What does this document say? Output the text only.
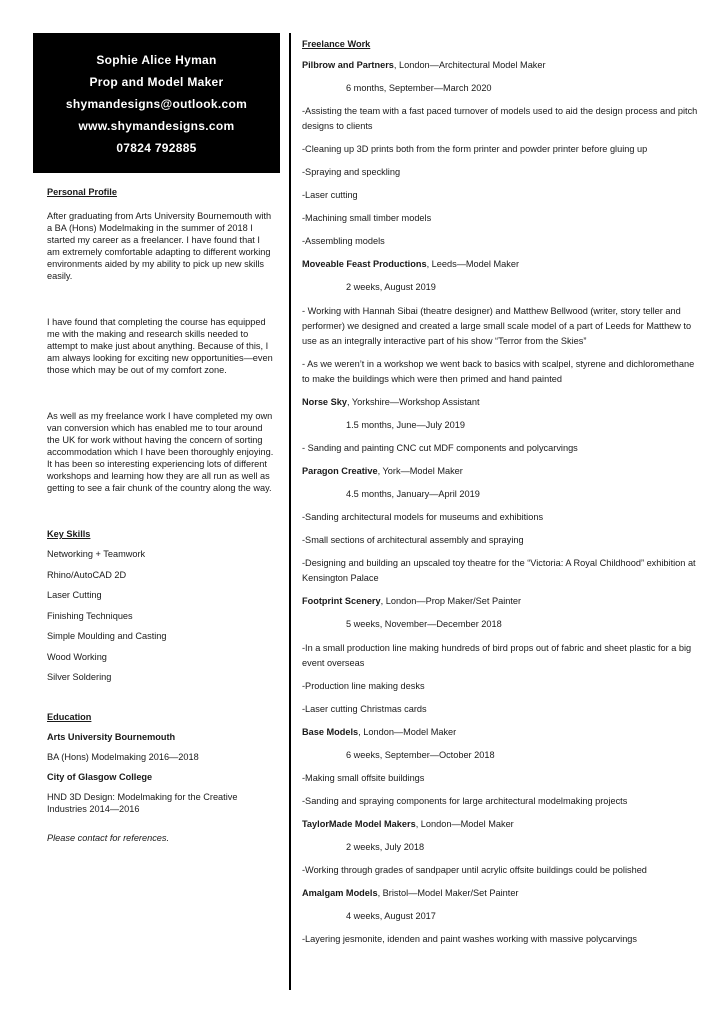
Sophie Alice Hyman
Prop and Model Maker
shymandesigns@outlook.com
www.shymandesigns.com
07824 792885
Personal Profile

After graduating from Arts University Bournemouth with a BA (Hons) Modelmaking in the summer of 2018 I started my career as a freelancer. I have found that I am extremely comfortable adapting to different working environments aided by my ability to pick up new skills easily.

I have found that completing the course has equipped me with the making and research skills needed to attempt to make just about anything. Because of this, I am always looking for exciting new opportunities—even those which may be out of my comfort zone.

As well as my freelance work I have completed my own van conversion which has enabled me to tour around the UK for work without having the concern of sorting accommodation which I have been thoroughly enjoying. It has been so interesting experiencing lots of different workshops and learning how they are all run as well as getting to see a fair chunk of the country along the way.

Key Skills
Networking + Teamwork
Rhino/AutoCAD 2D
Laser Cutting
Finishing Techniques
Simple Moulding and Casting
Wood Working
Silver Soldering
Education
Arts University Bournemouth
BA (Hons) Modelmaking 2016—2018
City of Glasgow College
HND 3D Design: Modelmaking for the Creative Industries 2014—2016
Please contact for references.
Freelance Work
Pilbrow and Partners, London—Architectural Model Maker
6 months, September—March 2020
-Assisting the team with a fast paced turnover of models used to aid the design process and pitch designs to clients
-Cleaning up 3D prints both from the form printer and powder printer before gluing up
-Spraying and speckling
-Laser cutting
-Machining small timber models
-Assembling models
Moveable Feast Productions, Leeds—Model Maker
2 weeks, August 2019
- Working with Hannah Sibai (theatre designer) and Matthew Bellwood (writer, story teller and performer) we designed and created a large small scale model of a part of Leeds for Matthew to use as an integrally interactive part of his show “Terror from the Skies”
- As we weren’t in a workshop we went back to basics with scalpel, styrene and dichloromethane to make the buildings which were then primed and hand painted
Norse Sky, Yorkshire—Workshop Assistant
1.5 months, June—July 2019
- Sanding and painting CNC cut MDF components and polycarvings
Paragon Creative, York—Model Maker
4.5 months, January—April 2019
-Sanding architectural models for museums and exhibitions
-Small sections of architectural assembly and spraying
-Designing and building an upscaled toy theatre for the “Victoria: A Royal Childhood” exhibition at Kensington Palace
Footprint Scenery, London—Prop Maker/Set Painter
5 weeks, November—December 2018
-In a small production line making hundreds of bird props out of fabric and sheet plastic for a big event overseas
-Production line making desks
-Laser cutting Christmas cards
Base Models, London—Model Maker
6 weeks, September—October 2018
-Making small offsite buildings
-Sanding and spraying components for large architectural modelmaking projects
TaylorMade Model Makers, London—Model Maker
2 weeks, July 2018
-Working through grades of sandpaper until acrylic offsite buildings could be polished
Amalgam Models, Bristol—Model Maker/Set Painter
4 weeks, August 2017
-Layering jesmonite, idenden and paint washes working with massive polycarvings
